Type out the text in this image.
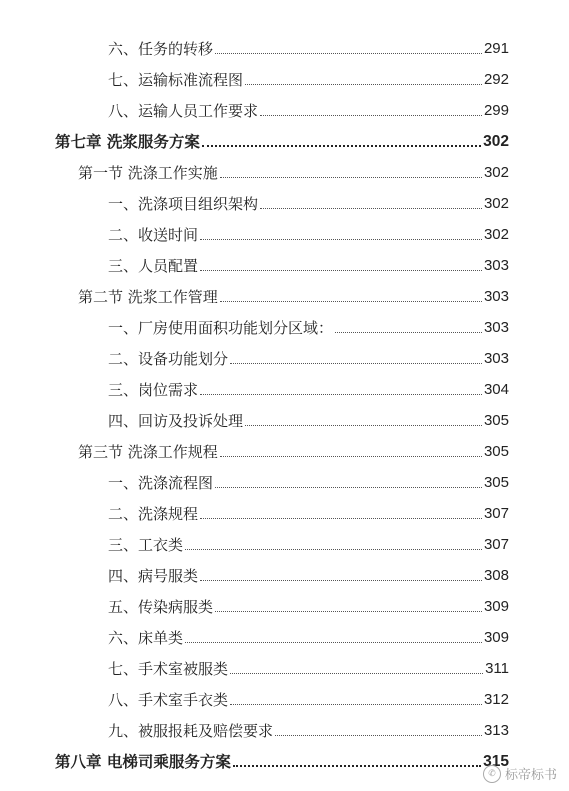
六、任务的转移	291
七、运输标准流程图	292
八、运输人员工作要求	299
第七章 洗浆服务方案	302
第一节 洗涤工作实施	302
一、洗涤项目组织架构	302
二、收送时间	302
三、人员配置	303
第二节 洗浆工作管理	303
一、厂房使用面积功能划分区域：	303
二、设备功能划分	303
三、岗位需求	304
四、回访及投诉处理	305
第三节 洗涤工作规程	305
一、洗涤流程图	305
二、洗涤规程	307
三、工衣类	307
四、病号服类	308
五、传染病服类	309
六、床单类	309
七、手术室被服类	311
八、手术室手衣类	312
九、被服报耗及赔偿要求	313
第八章 电梯司乘服务方案	315
✆ 标帝标书
